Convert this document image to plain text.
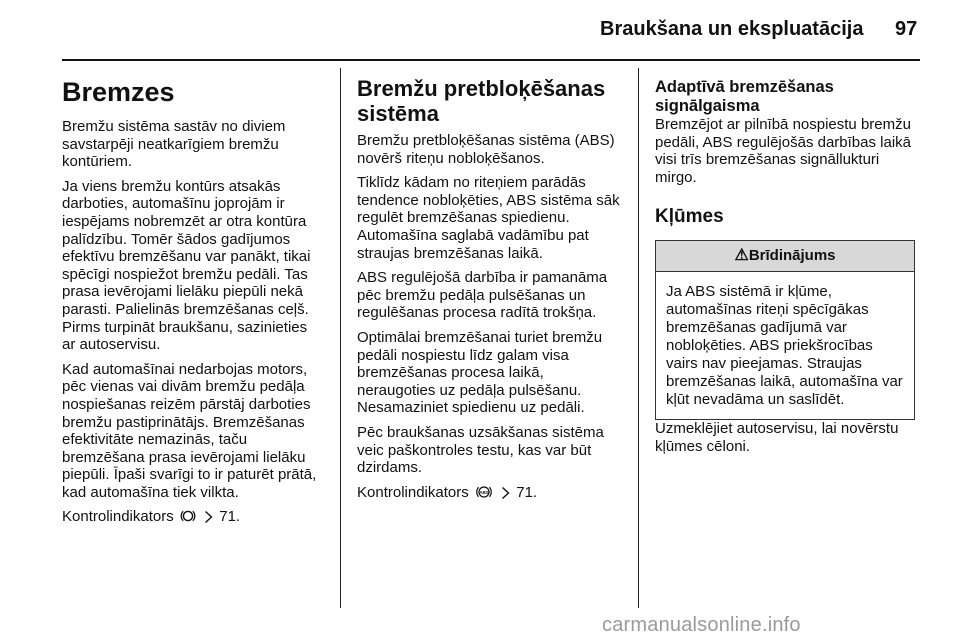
Braukšana un ekspluatācija 97
Bremzes

Bremžu sistēma sastāv no diviem savstarpēji neatkarīgiem bremžu kontūriem.

Ja viens bremžu kontūrs atsakās darboties, automašīnu joprojām ir iespējams nobremzēt ar otra kontūra palīdzību. Tomēr šādos gadījumos efektīvu bremzēšanu var panākt, tikai spēcīgi nospiežot bremžu pedāli. Tas prasa ievērojami lielāku piepūli nekā parasti. Palielinās bremzēšanas ceļš. Pirms turpināt braukšanu, sazinieties ar autoservisu.

Kad automašīnai nedarbojas motors, pēc vienas vai divām bremžu pedāļa nospiešanas reizēm pārstāj darboties bremžu pastiprinātājs. Bremzēšanas efektivitāte nemazinās, taču bremzēšana prasa ievērojami lielāku piepūli. Īpaši svarīgi to ir paturēt prātā, kad automašīna tiek vilkta.

Kontrolindikators	71.

Bremžu pretbloķēšanas sistēma

Bremžu pretbloķēšanas sistēma (ABS) novērš riteņu nobloķēšanos.

Tiklīdz kādam no riteņiem parādās tendence nobloķēties, ABS sistēma sāk regulēt bremzēšanas spiedienu. Automašīna saglabā vadāmību pat straujas bremzēšanas laikā.

ABS regulējošā darbība ir pamanāma pēc bremžu pedāļa pulsēšanas un regulēšanas procesa radītā trokšņa.

Optimālai bremzēšanai turiet bremžu pedāli nospiestu līdz galam visa bremzēšanas procesa laikā, neraugoties uz pedāļa pulsēšanu. Nesamaziniet spiedienu uz pedāli.

Pēc braukšanas uzsākšanas sistēma veic paškontroles testu, kas var būt dzirdams.

Kontrolindikators ABS 71.

Adaptīvā bremzēšanas signālgaisma

Bremzējot ar pilnībā nospiestu bremžu pedāli, ABS regulējošās darbības laikā visi trīs bremzēšanas signāllukturi mirgo.

Kļūmes
⚠Brīdinājums
Ja ABS sistēmā ir kļūme, automašīnas riteņi spēcīgākas bremzēšanas gadījumā var nobloķēties. ABS priekšrocības vairs nav pieejamas. Straujas bremzēšanas laikā, automašīna var kļūt nevadāma un saslīdēt.

Uzmeklējiet autoservisu, lai novērstu kļūmes cēloni.

carmanualsonline.info
